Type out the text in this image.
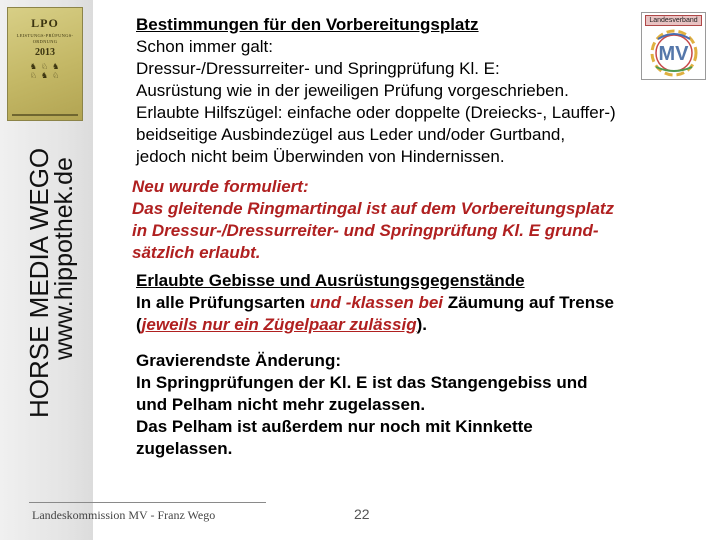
LPO
LEISTUNGS-PRÜFUNGS-
ORDNUNG
2013
♞ ♘ ♞
♘ ♞ ♘
HORSE MEDIA WEGO
www.hippothek.de
Landesverband
MV

Bestimmungen für den Vorbereitungsplatz

Schon immer galt:

Dressur-/Dressurreiter- und Springprüfung Kl. E:

Ausrüstung wie in der jeweiligen Prüfung vorgeschrieben.

Erlaubte Hilfszügel: einfache oder doppelte (Dreiecks-, Lauffer-)

beidseitige Ausbindezügel aus Leder und/oder Gurtband,

jedoch nicht beim Überwinden von Hindernissen.

Neu wurde formuliert:

Das gleitende Ringmartingal ist auf dem Vorbereitungsplatz

in Dressur-/Dressurreiter- und Springprüfung Kl. E grund-

sätzlich erlaubt.

Erlaubte Gebisse und Ausrüstungsgegenstände

In alle Prüfungsarten und -klassen bei Zäumung auf Trense

(jeweils nur ein Zügelpaar zulässig).

Gravierendste Änderung:

In Springprüfungen der Kl. E ist das Stangengebiss und

und Pelham nicht mehr zugelassen.

Das Pelham ist außerdem nur noch mit Kinnkette

zugelassen.

Landeskommission MV - Franz Wego	22
